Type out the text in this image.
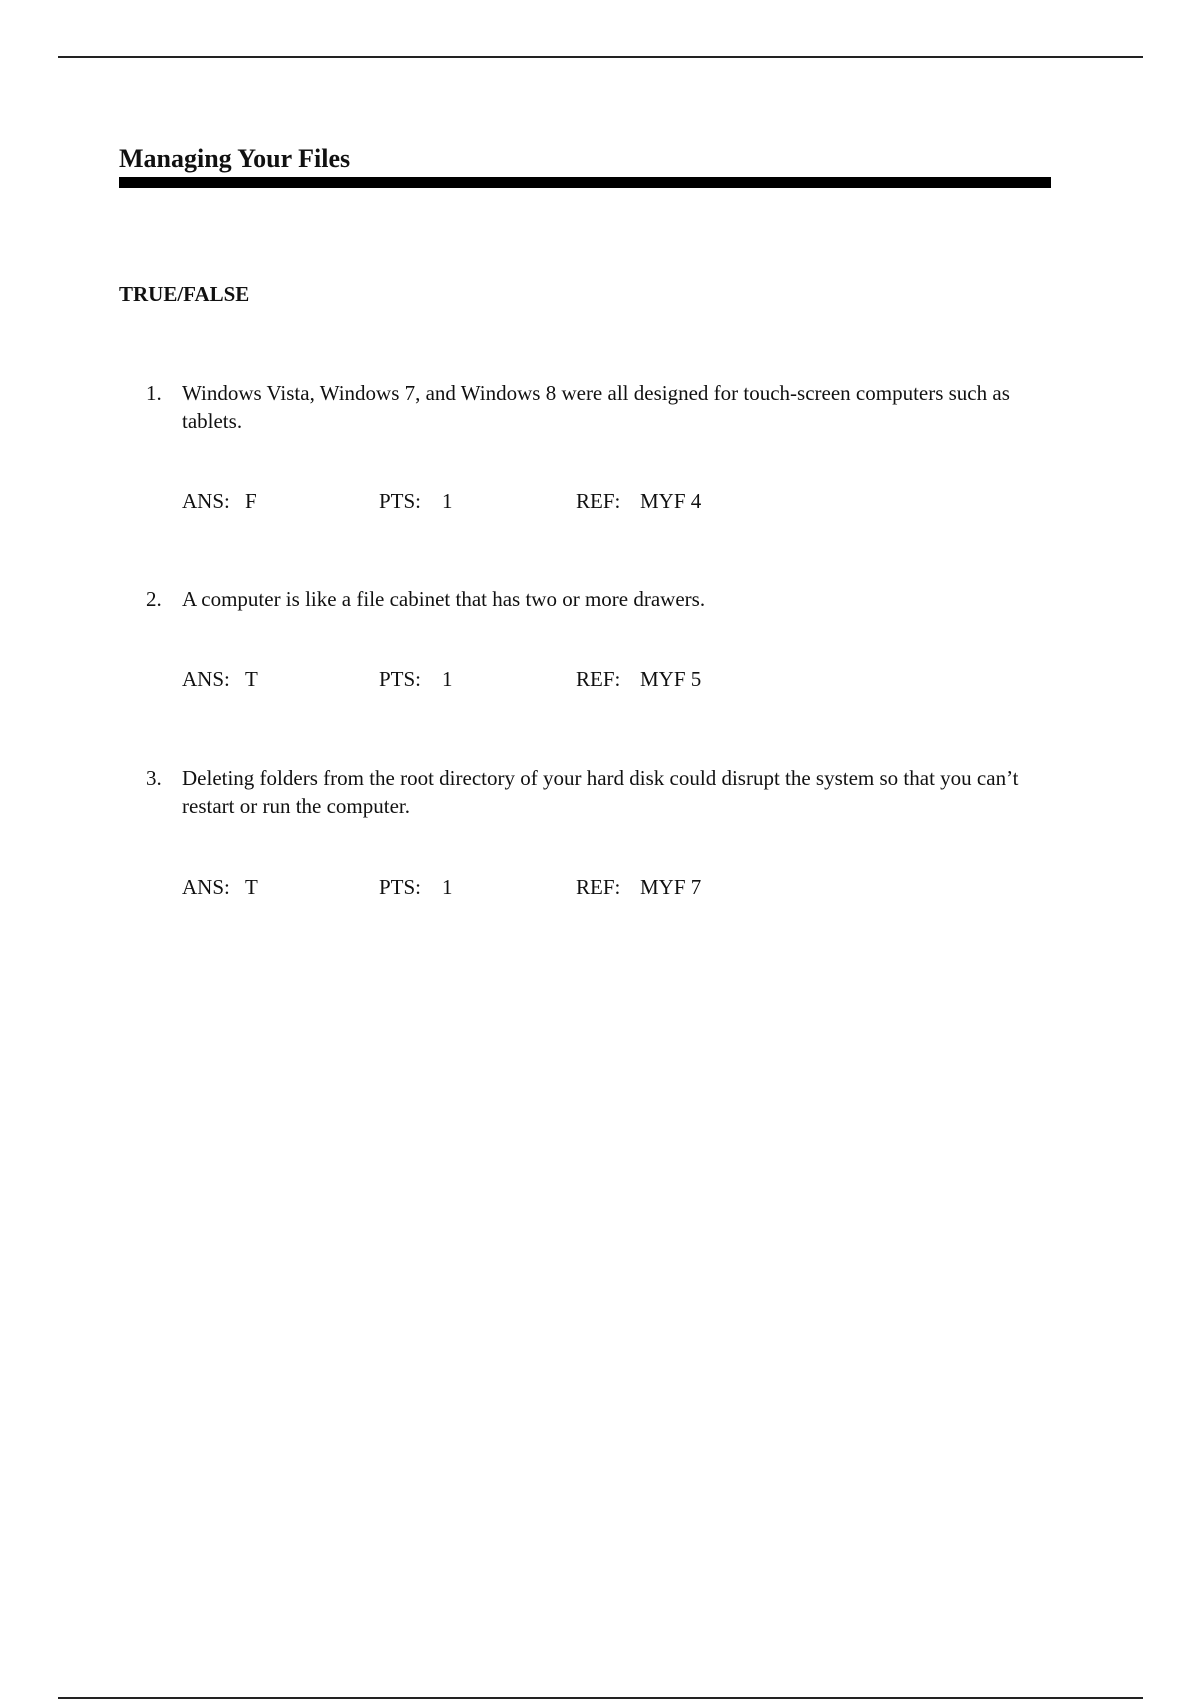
Managing Your Files
TRUE/FALSE
1. Windows Vista, Windows 7, and Windows 8 were all designed for touch-screen computers such as tablets.
ANS: F	PTS: 1	REF: MYF 4
2. A computer is like a file cabinet that has two or more drawers.
ANS: T	PTS: 1	REF: MYF 5
3. Deleting folders from the root directory of your hard disk could disrupt the system so that you can’t restart or run the computer.
ANS: T	PTS: 1	REF: MYF 7
